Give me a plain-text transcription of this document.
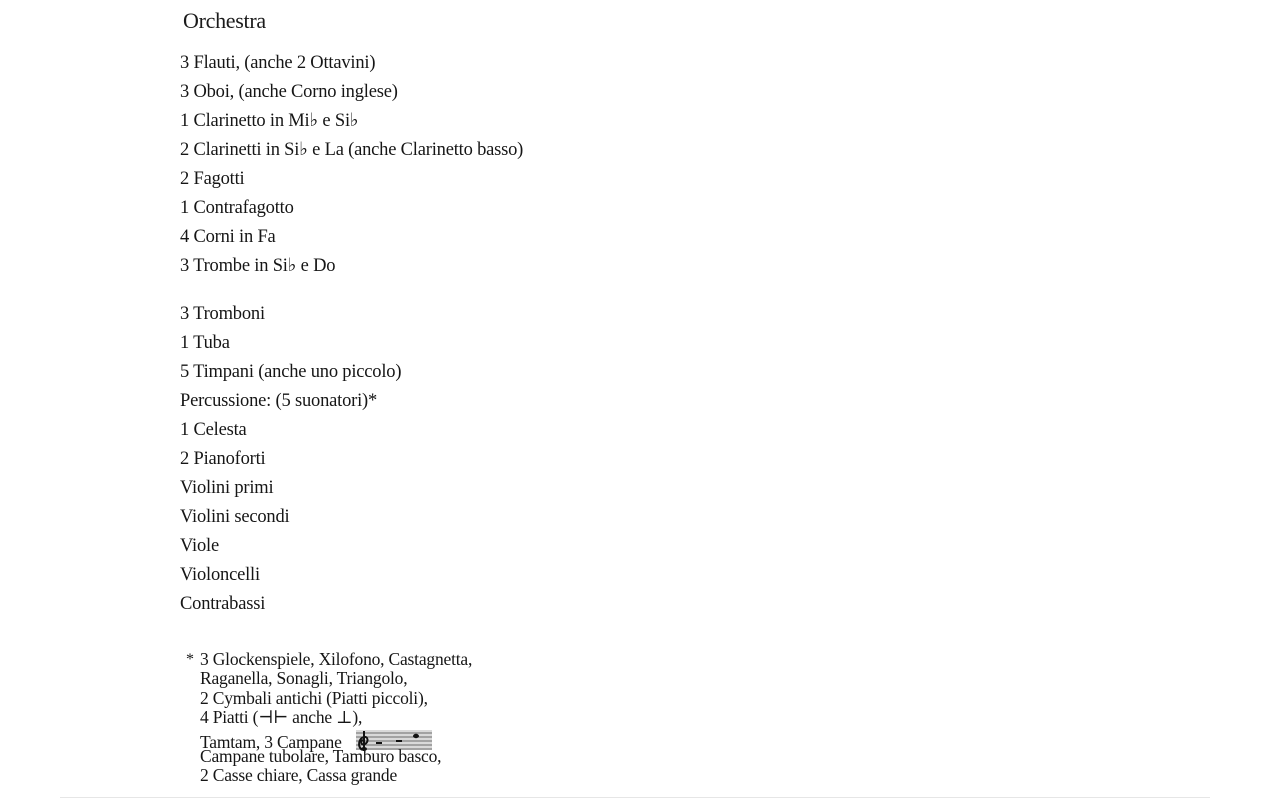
Orchestra
3 Flauti, (anche 2 Ottavini)
3 Oboi, (anche Corno inglese)
1 Clarinetto in Mi♭ e Si♭
2 Clarinetti in Si♭ e La (anche Clarinetto basso)
2 Fagotti
1 Contrafagotto
4 Corni in Fa
3 Trombe in Si♭ e Do
3 Tromboni
1 Tuba
5 Timpani (anche uno piccolo)
Percussione: (5 suonatori)*
1 Celesta
2 Pianoforti
Violini primi
Violini secondi
Viole
Violoncelli
Contrabassi
* 3 Glockenspiele, Xilofono, Castagnetta,
Raganella, Sonagli, Triangolo,
2 Cymbali antichi (Piatti piccoli),
4 Piatti (⊣⊢ anche ⊥),
Tamtam, 3 Campane
Campane tubolare, Tamburo basco,
2 Casse chiare, Cassa grande
